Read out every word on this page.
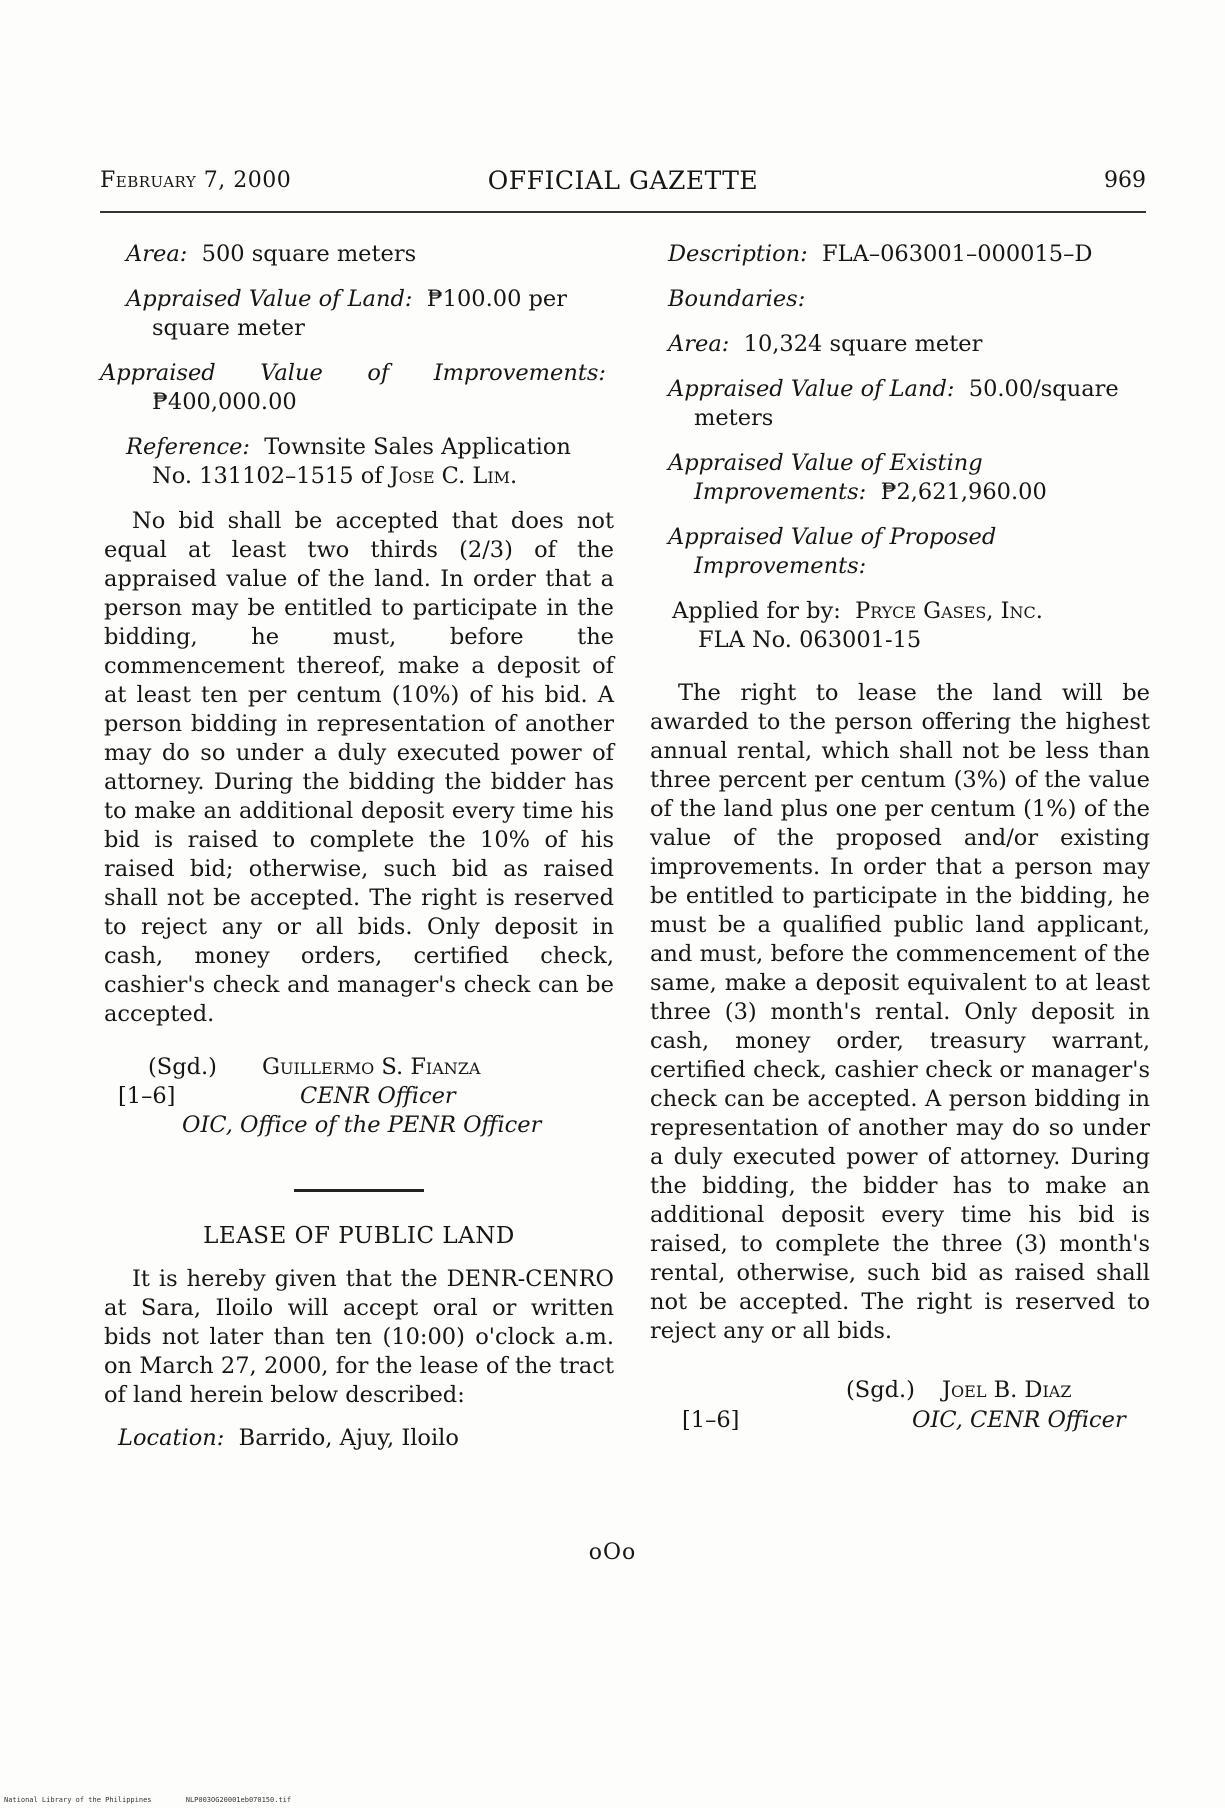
February 7, 2000	OFFICIAL GAZETTE	969
Area: 500 square meters
Appraised Value of Land: ₱100.00 per square meter
Appraised Value of Improvements:
₱400,000.00
Reference: Townsite Sales Application No. 131102–1515 of Jose C. Lim.

No bid shall be accepted that does not equal at least two thirds (2/3) of the appraised value of the land. In order that a person may be entitled to participate in the bidding, he must, before the commencement thereof, make a deposit of at least ten per centum (10%) of his bid. A person bidding in representation of another may do so under a duly executed power of attorney. During the bidding the bidder has to make an additional deposit every time his bid is raised to complete the 10% of his raised bid; otherwise, such bid as raised shall not be accepted. The right is reserved to reject any or all bids. Only deposit in cash, money orders, certified check, cashier's check and manager's check can be accepted.

(Sgd.) Guillermo S. Fianza
[1–6]	CENR Officer
OIC, Office of the PENR Officer
LEASE OF PUBLIC LAND

It is hereby given that the DENR-CENRO at Sara, Iloilo will accept oral or written bids not later than ten (10:00) o'clock a.m. on March 27, 2000, for the lease of the tract of land herein below described:

Location: Barrido, Ajuy, Iloilo
Description: FLA–063001–000015–D
Boundaries:
Area: 10,324 square meter
Appraised Value of Land: 50.00/square meters
Appraised Value of Existing Improvements: ₱2,621,960.00
Appraised Value of Proposed Improvements:
Applied for by: Pryce Gases, Inc.
FLA No. 063001-15

The right to lease the land will be awarded to the person offering the highest annual rental, which shall not be less than three percent per centum (3%) of the value of the land plus one per centum (1%) of the value of the proposed and/or existing improvements. In order that a person may be entitled to participate in the bidding, he must be a qualified public land applicant, and must, before the commencement of the same, make a deposit equivalent to at least three (3) month's rental. Only deposit in cash, money order, treasury warrant, certified check, cashier check or manager's check can be accepted. A person bidding in representation of another may do so under a duly executed power of attorney. During the bidding, the bidder has to make an additional deposit every time his bid is raised, to complete the three (3) month's rental, otherwise, such bid as raised shall not be accepted. The right is reserved to reject any or all bids.

(Sgd.) Joel B. Diaz
[1–6]	OIC, CENR Officer
oOo
National Library of the Philippines	NLP003OG20001eb070150.tif
